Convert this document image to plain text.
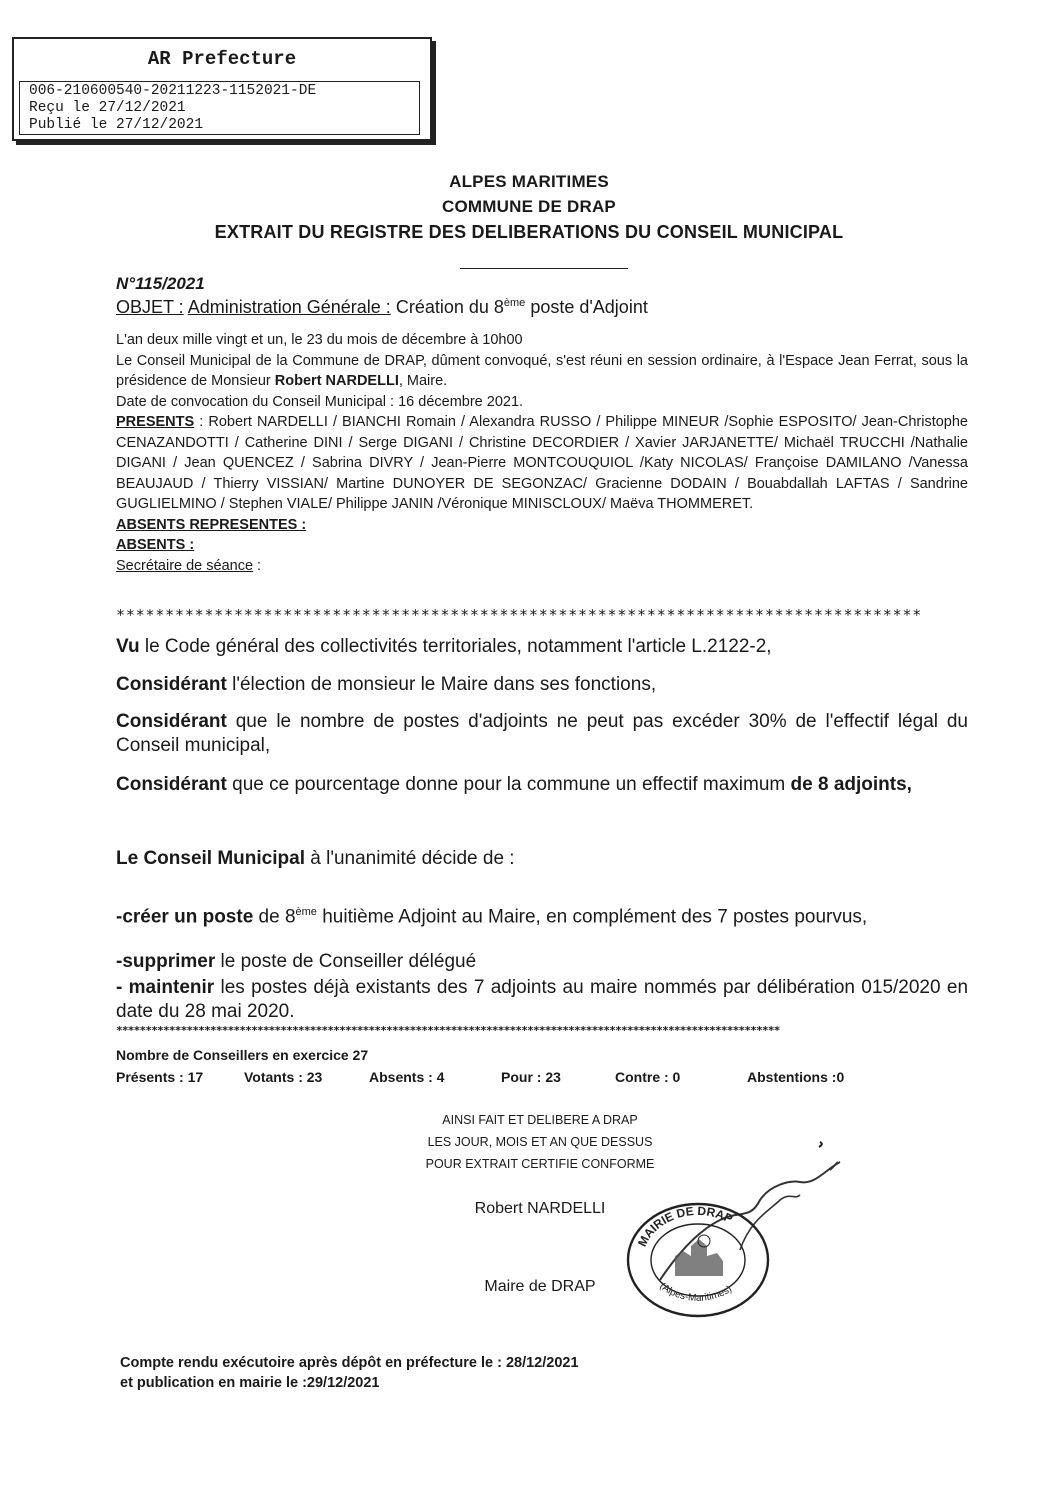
AR Prefecture
006-210600540-20211223-1152021-DE
Reçu le 27/12/2021
Publié le 27/12/2021
ALPES MARITIMES
COMMUNE DE DRAP
EXTRAIT DU REGISTRE DES DELIBERATIONS DU CONSEIL MUNICIPAL
N°115/2021
OBJET : Administration Générale : Création du 8ème poste d'Adjoint
L'an deux mille vingt et un, le 23 du mois de décembre à 10h00
Le Conseil Municipal de la Commune de DRAP, dûment convoqué, s'est réuni en session ordinaire, à l'Espace Jean Ferrat, sous la présidence de Monsieur Robert NARDELLI, Maire.
Date de convocation du Conseil Municipal : 16 décembre 2021.
PRESENTS : Robert NARDELLI / BIANCHI Romain / Alexandra RUSSO / Philippe MINEUR /Sophie ESPOSITO/ Jean-Christophe CENAZANDOTTI / Catherine DINI / Serge DIGANI / Christine DECORDIER / Xavier JARJANETTE/ Michaël TRUCCHI /Nathalie DIGANI / Jean QUENCEZ / Sabrina DIVRY / Jean-Pierre MONTCOUQUIOL /Katy NICOLAS/ Françoise DAMILANO /Vanessa BEAUJAUD / Thierry VISSIAN/ Martine DUNOYER DE SEGONZAC/ Gracienne DODAIN / Bouabdallah LAFTAS / Sandrine GUGLIELMINO / Stephen VIALE/ Philippe JANIN /Véronique MINISCLOUX/ Maëva THOMMERET.
ABSENTS REPRESENTES :
ABSENTS :
Secrétaire de séance :
**********************************************************************************
Vu le Code général des collectivités territoriales, notamment l'article L.2122-2,
Considérant l'élection de monsieur le Maire dans ses fonctions,
Considérant que le nombre de postes d'adjoints ne peut pas excéder 30% de l'effectif légal du Conseil municipal,
Considérant que ce pourcentage donne pour la commune un effectif maximum de 8 adjoints,
Le Conseil Municipal à l'unanimité décide de :
-créer un poste de 8ème huitième Adjoint au Maire, en complément des 7 postes pourvus,
-supprimer le poste de Conseiller délégué
- maintenir les postes déjà existants des 7 adjoints au maire nommés par délibération 015/2020 en date du 28 mai 2020.
*****************************************************************************************************************
Nombre de Conseillers en exercice 27
Présents : 17	Votants : 23	Absents : 4	Pour : 23	Contre : 0	Abstentions :0
AINSI FAIT ET DELIBERE A DRAP
LES JOUR, MOIS ET AN QUE DESSUS
POUR EXTRAIT CERTIFIE CONFORME
Robert NARDELLI
Maire de DRAP
MAIRIE DE DRAP
(Alpes-Maritimes)
Compte rendu exécutoire après dépôt en préfecture le : 28/12/2021
et publication en mairie le :29/12/2021
